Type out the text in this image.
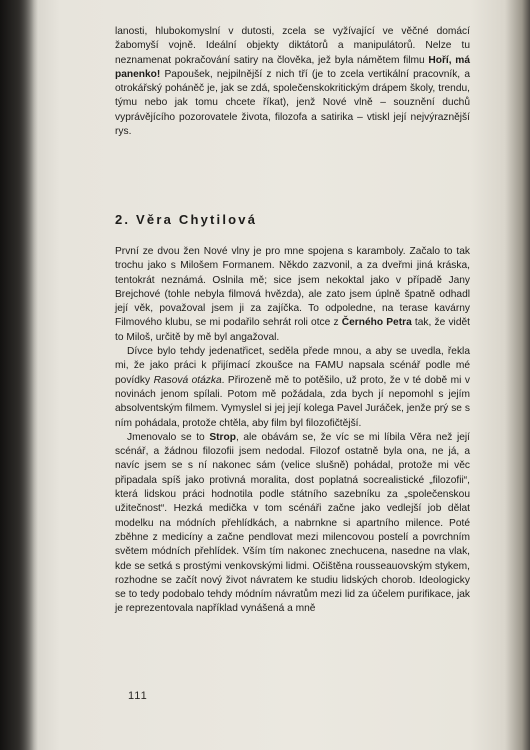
lanosti, hlubokomyslní v dutosti, zcela se vyžívající ve věčné domácí žabomyší vojně. Ideální objekty diktátorů a manipulátorů. Nelze tu neznamenat pokračování satiry na člověka, jež byla námětem filmu Hoří, má panenko! Papoušek, nejpilnější z nich tří (je to zcela vertikální pracovník, a otrokářský poháněč je, jak se zdá, společenskokritickým drápem školy, trendu, týmu nebo jak tomu chcete říkat), jenž Nové vlně – souznění duchů vyprávějícího pozorovatele života, filozofa a satirika – vtiskl její nejvýraznější rys.

2. Věra Chytilová

První ze dvou žen Nové vlny je pro mne spojena s karamboly. Začalo to tak trochu jako s Milošem Formanem. Někdo zazvonil, a za dveřmi jiná kráska, tentokrát neznámá. Oslnila mě; sice jsem nekoktal jako v případě Jany Brejchové (tohle nebyla filmová hvězda), ale zato jsem úplně špatně odhadl její věk, považoval jsem ji za zajíčka. To odpoledne, na terase kavárny Filmového klubu, se mi podařilo sehrát roli otce z Černého Petra tak, že vidět to Miloš, určitě by mě byl angažoval.

Dívce bylo tehdy jedenatřicet, seděla přede mnou, a aby se uvedla, řekla mi, že jako práci k přijímací zkoušce na FAMU napsala scénář podle mé povídky Rasová otázka. Přirozeně mě to potěšilo, už proto, že v té době mi v novinách jenom spílali. Potom mě požádala, zda bych jí nepomohl s jejím absolventským filmem. Vymyslel si jej její kolega Pavel Juráček, jenže prý se s ním pohádala, protože chtěla, aby film byl filozofičtější.

Jmenovalo se to Strop, ale obávám se, že víc se mi líbila Věra než její scénář, a žádnou filozofii jsem nedodal. Filozof ostatně byla ona, ne já, a navíc jsem se s ní nakonec sám (velice slušně) pohádal, protože mi věc připadala spíš jako protivná moralita, dost poplatná socrealistické „filozofii“, která lidskou práci hodnotila podle státního sazebníku za „společenskou užitečnost“. Hezká medička v tom scénáři začne jako vedlejší job dělat modelku na módních přehlídkách, a nabrnkne si apartního milence. Poté zběhne z medicíny a začne pendlovat mezi milencovou postelí a povrchním světem módních přehlídek. Vším tím nakonec znechucena, nasedne na vlak, kde se setká s prostými venkovskými lidmi. Očištěna rousseauovským stykem, rozhodne se začít nový život návratem ke studiu lidských chorob. Ideologicky se to tedy podobalo tehdy módním návratům mezi lid za účelem purifikace, jak je reprezentovala například vynášená a mně

111
